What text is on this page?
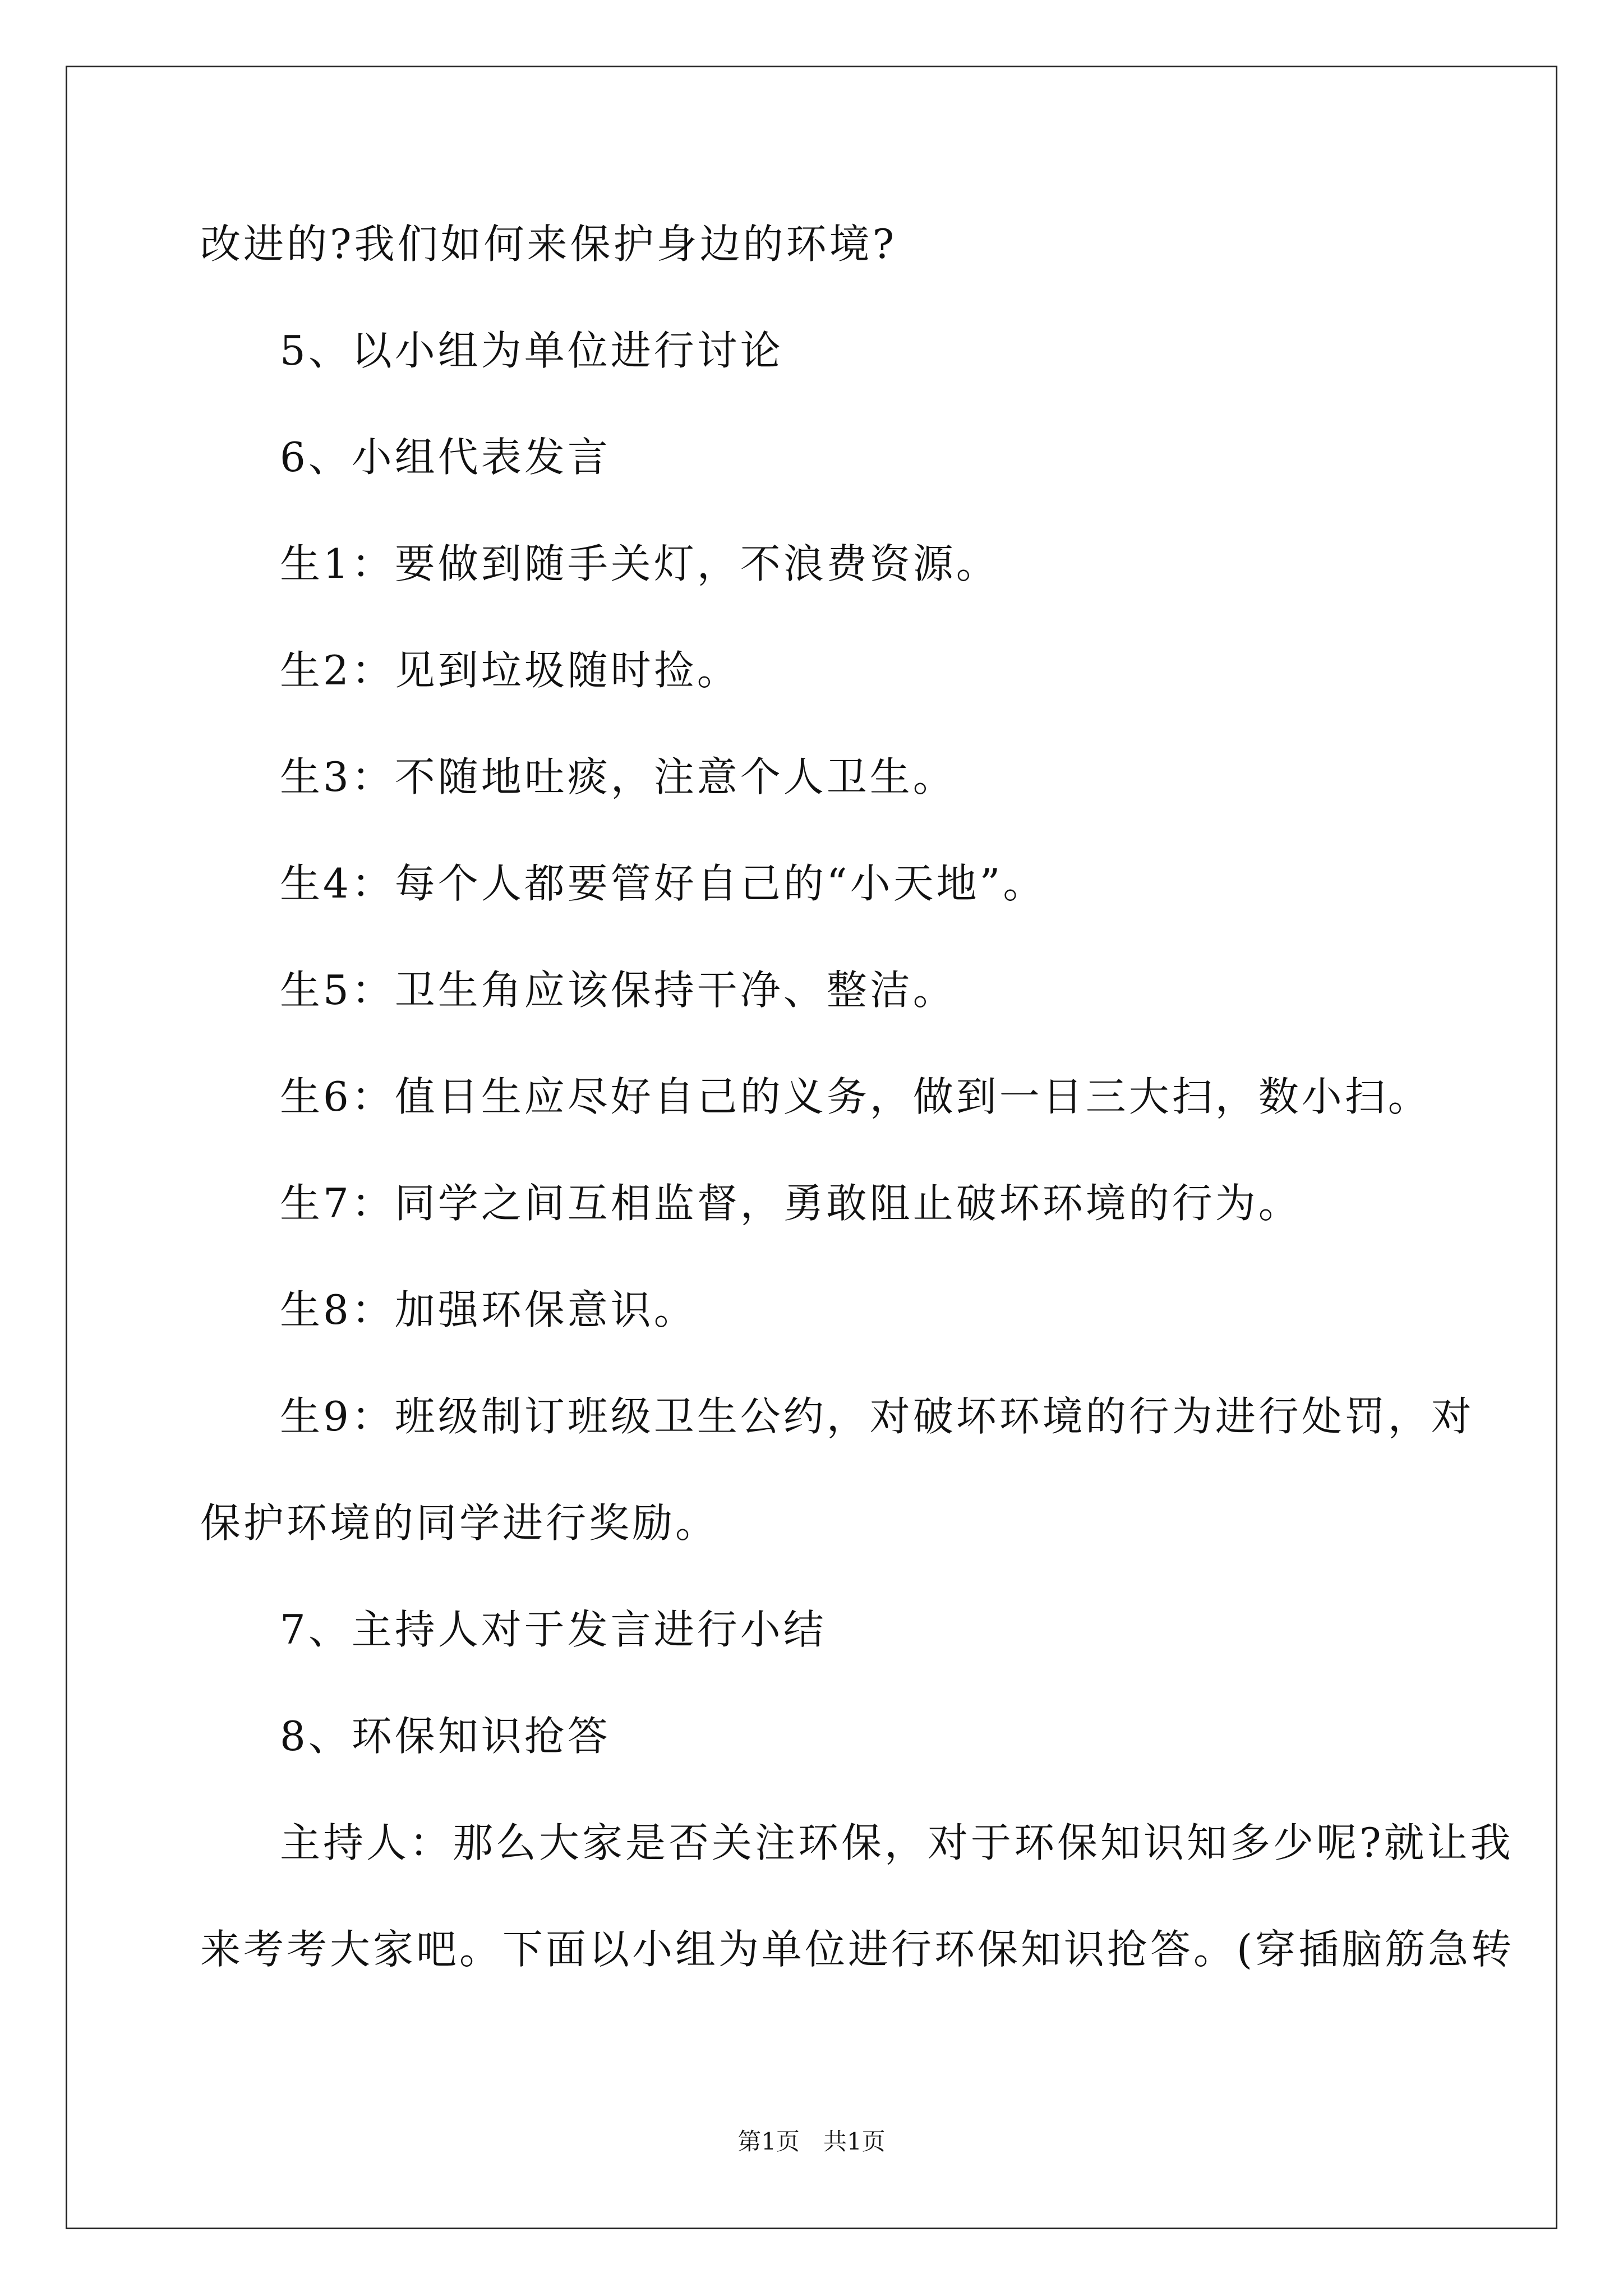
改进的?我们如何来保护身边的环境?
5、以小组为单位进行讨论
6、小组代表发言
生1：要做到随手关灯，不浪费资源。
生2：见到垃圾随时捡。
生3：不随地吐痰，注意个人卫生。
生4：每个人都要管好自己的“小天地”。
生5：卫生角应该保持干净、整洁。
生6：值日生应尽好自己的义务，做到一日三大扫，数小扫。
生7：同学之间互相监督，勇敢阻止破坏环境的行为。
生8：加强环保意识。
生9：班级制订班级卫生公约，对破坏环境的行为进行处罚，对
保护环境的同学进行奖励。
7、主持人对于发言进行小结
8、环保知识抢答
主持人：那么大家是否关注环保，对于环保知识知多少呢?就让我
来考考大家吧。下面以小组为单位进行环保知识抢答。(穿插脑筋急转
第1页　共1页
